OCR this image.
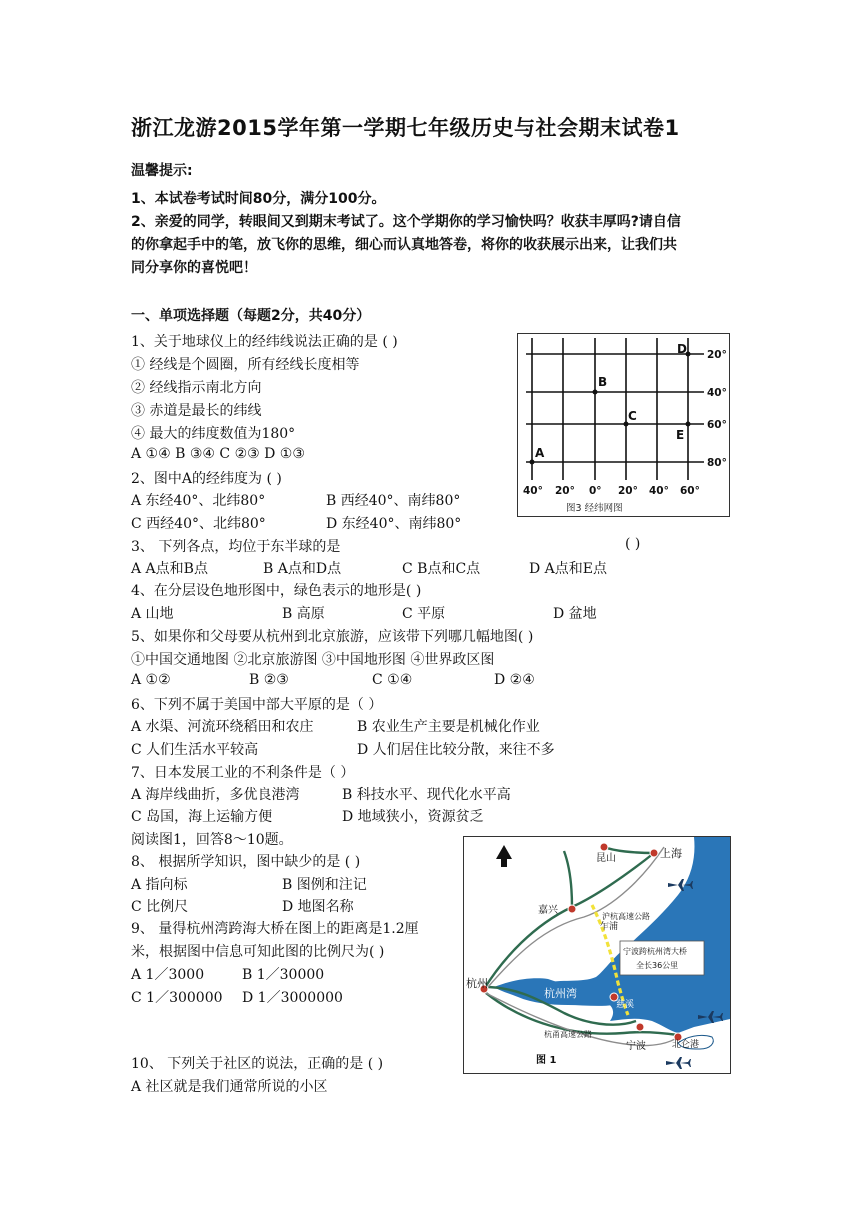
浙江龙游2015学年第一学期七年级历史与社会期末试卷1
温馨提示:
1、本试卷考试时间80分，满分100分。
2、亲爱的同学，转眼间又到期末考试了。这个学期你的学习愉快吗？收获丰厚吗?请自信
的你拿起手中的笔，放飞你的思维，细心而认真地答卷，将你的收获展示出来，让我们共
同分享你的喜悦吧！
一、单项选择题（每题2分，共40分）
1、关于地球仪上的经纬线说法正确的是 ( )
① 经线是个圆圈，所有经线长度相等
② 经线指示南北方向
③ 赤道是最长的纬线
④ 最大的纬度数值为180°
A ①④ B ③④ C ②③ D ①③
2、图中A的经纬度为 ( )
A 东经40°、北纬80°	B 西经40°、南纬80°
C 西经40°、北纬80°	D 东经40°、南纬80°
3、 下列各点，均位于东半球的是	( )
A A点和B点	B A点和D点	C B点和C点	D A点和E点
4、在分层设色地形图中，绿色表示的地形是( )
A 山地	B 高原	C 平原	D 盆地
5、如果你和父母要从杭州到北京旅游，应该带下列哪几幅地图( )
①中国交通地图 ②北京旅游图 ③中国地形图 ④世界政区图
A ①②	B ②③	C ①④	D ②④
6、下列不属于美国中部大平原的是（ ）
A 水渠、河流环绕稻田和农庄	B 农业生产主要是机械化作业
C 人们生活水平较高	D 人们居住比较分散，来往不多
7、日本发展工业的不利条件是（ ）
A 海岸线曲折，多优良港湾	B 科技水平、现代化水平高
C 岛国，海上运输方便	D 地域狭小，资源贫乏
阅读图1，回答8～10题。
8、 根据所学知识，图中缺少的是 ( )
A 指向标	B 图例和注记
C 比例尺	D 地图名称
9、 量得杭州湾跨海大桥在图上的距离是1.2厘
米，根据图中信息可知此图的比例尺为( )
A 1／3000	B 1／30000
C 1／300000 D 1／3000000
10、 下列关于社区的说法，正确的是 ( )
A 社区就是我们通常所说的小区
D
B
C
E
A
20°
40°
60°
80°
40° 20° 0° 20° 40° 60°
图3 经纬网图
昆山	上海
嘉兴
乍浦
杭州
杭州湾
慈溪
宁波	北仑港
沪杭高速公路
杭甬高速公路
宁波跨杭州湾大桥
全长36公里
图 1
